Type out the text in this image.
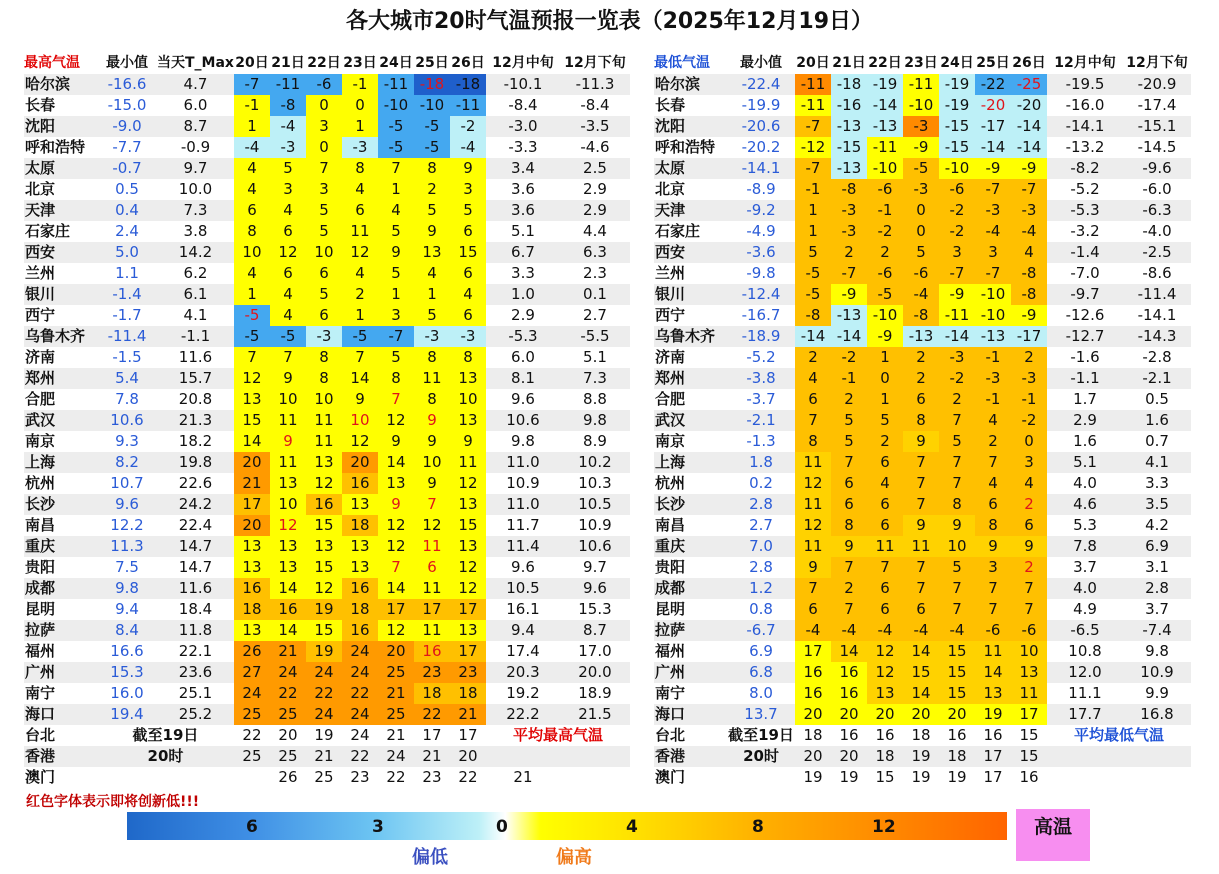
各大城市20时气温预报一览表（2025年12月19日）
最高气温	最小值	当天T_Max	20日	21日	22日	23日	24日	25日	26日	12月中旬	12月下旬	
哈尔滨	-16.6	4.7	-7	-11	-6	-1	-11	-18	-18	-10.1	-11.3	
长春	-15.0	6.0	-1	-8	0	0	-10	-10	-11	-8.4	-8.4	
沈阳	-9.0	8.7	1	-4	3	1	-5	-5	-2	-3.0	-3.5	
呼和浩特	-7.7	-0.9	-4	-3	0	-3	-5	-5	-4	-3.3	-4.6	
太原	-0.7	9.7	4	5	7	8	7	8	9	3.4	2.5	
北京	0.5	10.0	4	3	3	4	1	2	3	3.6	2.9	
天津	0.4	7.3	6	4	5	6	4	5	5	3.6	2.9	
石家庄	2.4	3.8	8	6	5	11	5	9	6	5.1	4.4	
西安	5.0	14.2	10	12	10	12	9	13	15	6.7	6.3	
兰州	1.1	6.2	4	6	6	4	5	4	6	3.3	2.3	
银川	-1.4	6.1	1	4	5	2	1	1	4	1.0	0.1	
西宁	-1.7	4.1	-5	4	6	1	3	5	6	2.9	2.7	
乌鲁木齐	-11.4	-1.1	-5	-5	-3	-5	-7	-3	-3	-5.3	-5.5	
济南	-1.5	11.6	7	7	8	7	5	8	8	6.0	5.1	
郑州	5.4	15.7	12	9	8	14	8	11	13	8.1	7.3	
合肥	7.8	20.8	13	10	10	9	7	8	10	9.6	8.8	
武汉	10.6	21.3	15	11	11	10	12	9	13	10.6	9.8	
南京	9.3	18.2	14	9	11	12	9	9	9	9.8	8.9	
上海	8.2	19.8	20	11	13	20	14	10	11	11.0	10.2	
杭州	10.7	22.6	21	13	12	16	13	9	12	10.9	10.3	
长沙	9.6	24.2	17	10	16	13	9	7	13	11.0	10.5	
南昌	12.2	22.4	20	12	15	18	12	12	15	11.7	10.9	
重庆	11.3	14.7	13	13	13	13	12	11	13	11.4	10.6	
贵阳	7.5	14.7	13	13	15	13	7	6	12	9.6	9.7	
成都	9.8	11.6	16	14	12	16	14	11	12	10.5	9.6	
昆明	9.4	18.4	18	16	19	18	17	17	17	16.1	15.3	
拉萨	8.4	11.8	13	14	15	16	12	11	13	9.4	8.7	
福州	16.6	22.1	26	21	19	24	20	16	17	17.4	17.0	
广州	15.3	23.6	27	24	24	24	25	23	23	20.3	20.0	
南宁	16.0	25.1	24	22	22	22	21	18	18	19.2	18.9	
海口	19.4	25.2	25	25	24	24	25	22	21	22.2	21.5	
台北	截至19日		22	20	19	24	21	17	17	平均最高气温		
香港	20时		25	25	21	22	24	21	20			
澳门				26	25	23	22	23	22	21		
最低气温	最小值	20日	21日	22日	23日	24日	25日	26日	12月中旬	12月下旬
哈尔滨	-22.4	-11	-18	-19	-11	-19	-22	-25	-19.5	-20.9
长春	-19.9	-11	-16	-14	-10	-19	-20	-20	-16.0	-17.4
沈阳	-20.6	-7	-13	-13	-3	-15	-17	-14	-14.1	-15.1
呼和浩特	-20.2	-12	-15	-11	-9	-15	-14	-14	-13.2	-14.5
太原	-14.1	-7	-13	-10	-5	-10	-9	-9	-8.2	-9.6
北京	-8.9	-1	-8	-6	-3	-6	-7	-7	-5.2	-6.0
天津	-9.2	1	-3	-1	0	-2	-3	-3	-5.3	-6.3
石家庄	-4.9	1	-3	-2	0	-2	-4	-4	-3.2	-4.0
西安	-3.6	5	2	2	5	3	3	4	-1.4	-2.5
兰州	-9.8	-5	-7	-6	-6	-7	-7	-8	-7.0	-8.6
银川	-12.4	-5	-9	-5	-4	-9	-10	-8	-9.7	-11.4
西宁	-16.7	-8	-13	-10	-8	-11	-10	-9	-12.6	-14.1
乌鲁木齐	-18.9	-14	-14	-9	-13	-14	-13	-17	-12.7	-14.3
济南	-5.2	2	-2	1	2	-3	-1	2	-1.6	-2.8
郑州	-3.8	4	-1	0	2	-2	-3	-3	-1.1	-2.1
合肥	-3.7	6	2	1	6	2	-1	-1	1.7	0.5
武汉	-2.1	7	5	5	8	7	4	-2	2.9	1.6
南京	-1.3	8	5	2	9	5	2	0	1.6	0.7
上海	1.8	11	7	6	7	7	7	3	5.1	4.1
杭州	0.2	12	6	4	7	7	4	4	4.0	3.3
长沙	2.8	11	6	6	7	8	6	2	4.6	3.5
南昌	2.7	12	8	6	9	9	8	6	5.3	4.2
重庆	7.0	11	9	11	11	10	9	9	7.8	6.9
贵阳	2.8	9	7	7	7	5	3	2	3.7	3.1
成都	1.2	7	2	6	7	7	7	7	4.0	2.8
昆明	0.8	6	7	6	6	7	7	7	4.9	3.7
拉萨	-6.7	-4	-4	-4	-4	-4	-6	-6	-6.5	-7.4
福州	6.9	17	14	12	14	15	11	10	10.8	9.8
广州	6.8	16	16	12	15	15	14	13	12.0	10.9
南宁	8.0	16	16	13	14	15	13	11	11.1	9.9
海口	13.7	20	20	20	20	20	19	17	17.7	16.8
台北	截至19日	18	16	16	18	16	16	15	平均最低气温	
香港	20时	20	20	18	19	18	17	15		
澳门		19	19	15	19	19	17	16		
红色字体表示即将创新低!!!
6	3	0	4	8	12
偏低	偏高
高温
